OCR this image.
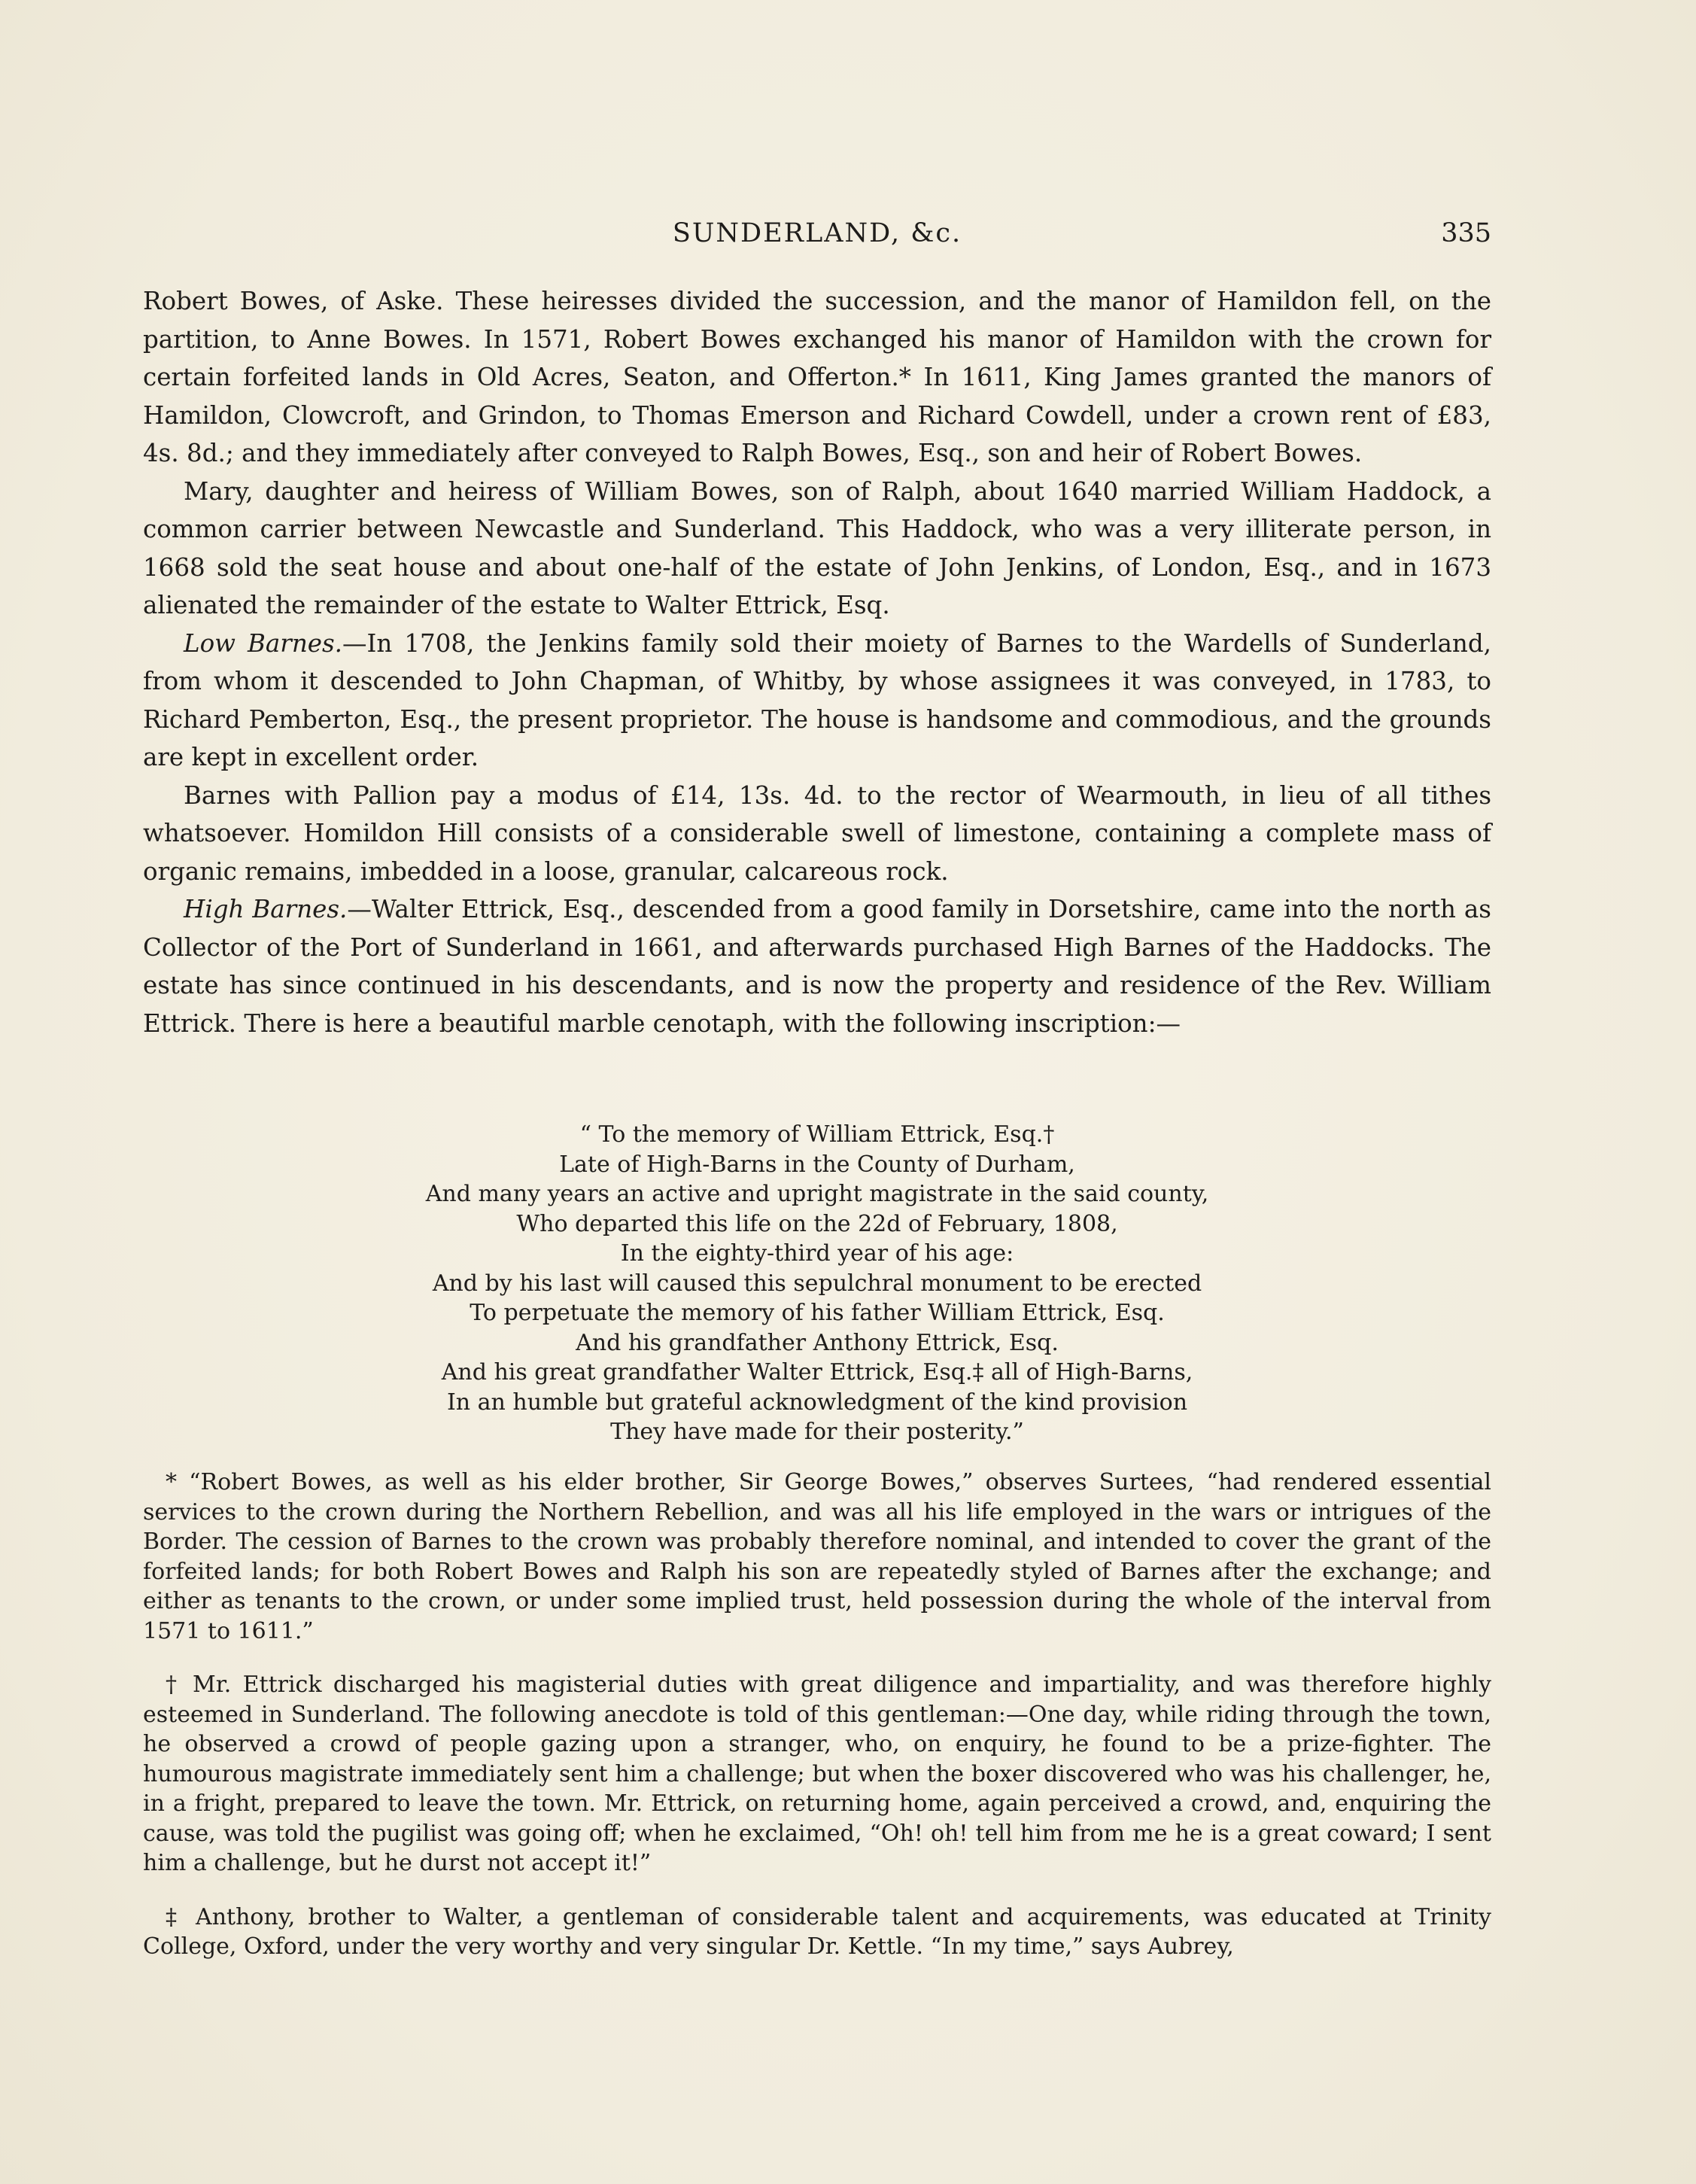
SUNDERLAND, &c.	335

Robert Bowes, of Aske. These heiresses divided the succession, and the manor of Hamildon fell, on the partition, to Anne Bowes. In 1571, Robert Bowes exchanged his manor of Hamildon with the crown for certain forfeited lands in Old Acres, Seaton, and Offerton.* In 1611, King James granted the manors of Hamildon, Clowcroft, and Grindon, to Thomas Emerson and Richard Cowdell, under a crown rent of £83, 4s. 8d.; and they immediately after conveyed to Ralph Bowes, Esq., son and heir of Robert Bowes.

Mary, daughter and heiress of William Bowes, son of Ralph, about 1640 married William Haddock, a common carrier between Newcastle and Sunderland. This Haddock, who was a very illiterate person, in 1668 sold the seat house and about one-half of the estate of John Jenkins, of London, Esq., and in 1673 alienated the remainder of the estate to Walter Ettrick, Esq.

Low Barnes.—In 1708, the Jenkins family sold their moiety of Barnes to the Wardells of Sunderland, from whom it descended to John Chapman, of Whitby, by whose assignees it was conveyed, in 1783, to Richard Pemberton, Esq., the present proprietor. The house is handsome and commodious, and the grounds are kept in excellent order.

Barnes with Pallion pay a modus of £14, 13s. 4d. to the rector of Wearmouth, in lieu of all tithes whatsoever. Homildon Hill consists of a considerable swell of limestone, containing a complete mass of organic remains, imbedded in a loose, granular, calcareous rock.

High Barnes.—Walter Ettrick, Esq., descended from a good family in Dorsetshire, came into the north as Collector of the Port of Sunderland in 1661, and afterwards purchased High Barnes of the Haddocks. The estate has since continued in his descendants, and is now the property and residence of the Rev. William Ettrick. There is here a beautiful marble cenotaph, with the following inscription:—

“ To the memory of William Ettrick, Esq.†
Late of High-Barns in the County of Durham,
And many years an active and upright magistrate in the said county,
Who departed this life on the 22d of February, 1808,
In the eighty-third year of his age:
And by his last will caused this sepulchral monument to be erected
To perpetuate the memory of his father William Ettrick, Esq.
And his grandfather Anthony Ettrick, Esq.
And his great grandfather Walter Ettrick, Esq.‡ all of High-Barns,
In an humble but grateful acknowledgment of the kind provision
They have made for their posterity.”

* “Robert Bowes, as well as his elder brother, Sir George Bowes,” observes Surtees, “had rendered essential services to the crown during the Northern Rebellion, and was all his life employed in the wars or intrigues of the Border. The cession of Barnes to the crown was probably therefore nominal, and intended to cover the grant of the forfeited lands; for both Robert Bowes and Ralph his son are repeatedly styled of Barnes after the exchange; and either as tenants to the crown, or under some implied trust, held possession during the whole of the interval from 1571 to 1611.”

† Mr. Ettrick discharged his magisterial duties with great diligence and impartiality, and was therefore highly esteemed in Sunderland. The following anecdote is told of this gentleman:—One day, while riding through the town, he observed a crowd of people gazing upon a stranger, who, on enquiry, he found to be a prize-fighter. The humourous magistrate immediately sent him a challenge; but when the boxer discovered who was his challenger, he, in a fright, prepared to leave the town. Mr. Ettrick, on returning home, again perceived a crowd, and, enquiring the cause, was told the pugilist was going off; when he exclaimed, “Oh! oh! tell him from me he is a great coward; I sent him a challenge, but he durst not accept it!”

‡ Anthony, brother to Walter, a gentleman of considerable talent and acquirements, was educated at Trinity College, Oxford, under the very worthy and very singular Dr. Kettle. “In my time,” says Aubrey,
